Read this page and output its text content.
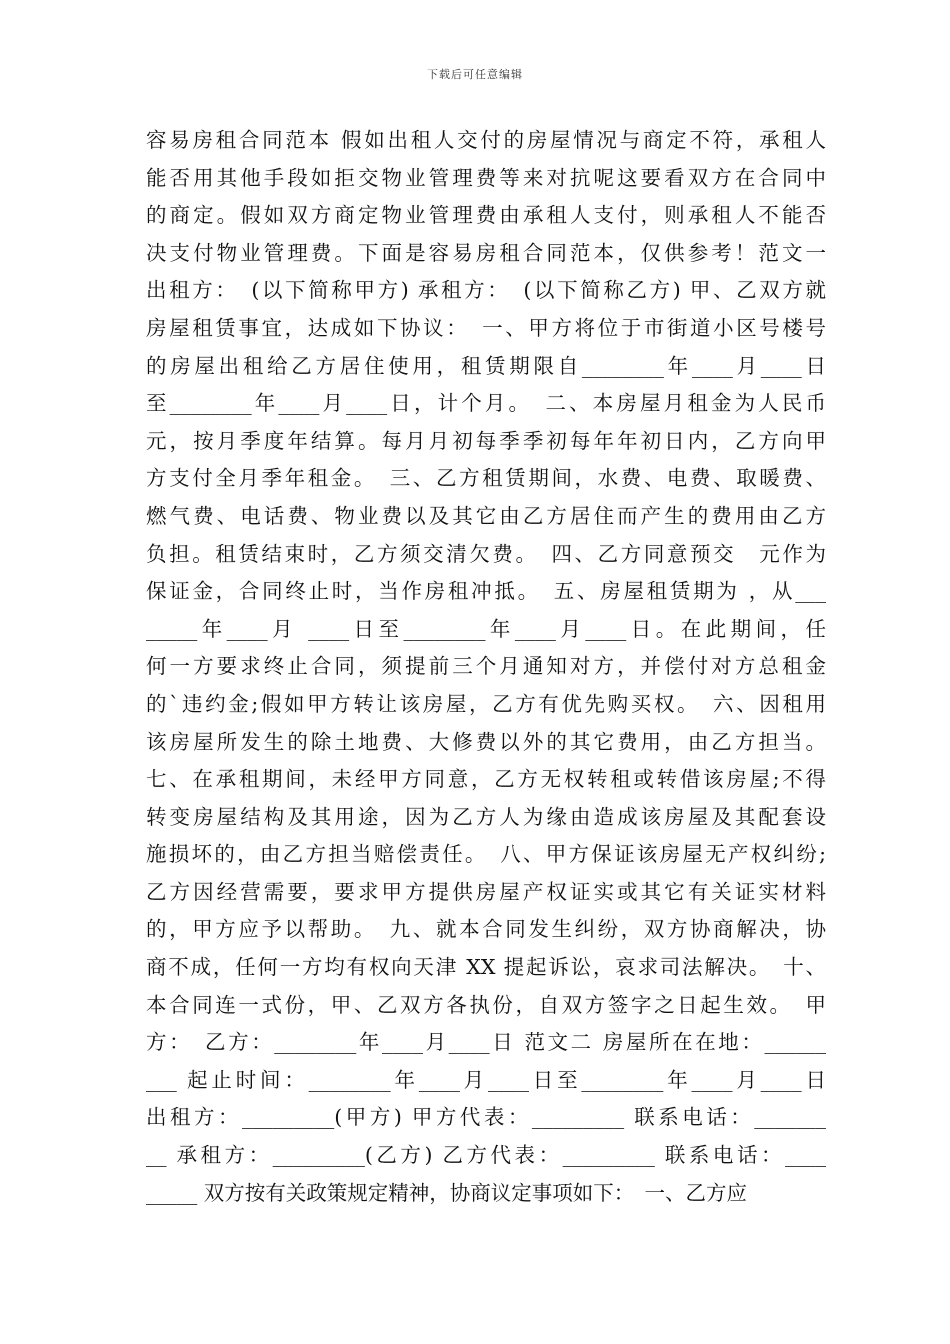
下载后可任意编辑
容易房租合同范本 假如出租人交付的房屋情况与商定不符，承租人
能否用其他手段如拒交物业管理费等来对抗呢这要看双方在合同中
的商定。假如双方商定物业管理费由承租人支付，则承租人不能否
决支付物业管理费。下面是容易房租合同范本，仅供参考！范文一
出租方：　(以下简称甲方) 承租方：　(以下简称乙方) 甲、乙双方就
房屋租赁事宜，达成如下协议：　一、甲方将位于市街道小区号楼号
的房屋出租给乙方居住使用，租赁期限自________年____月____日
至________年____月____日，计个月。　二、本房屋月租金为人民币
元，按月季度年结算。每月月初每季季初每年年初日内，乙方向甲
方支付全月季年租金。　三、乙方租赁期间，水费、电费、取暖费、
燃气费、电话费、物业费以及其它由乙方居住而产生的费用由乙方
负担。租赁结束时，乙方须交清欠费。　四、乙方同意预交　元作为
保证金，合同终止时，当作房租冲抵。　五、房屋租赁期为 ，从___
_____年____月 ____日至________年____月____日。在此期间，任
何一方要求终止合同，须提前三个月通知对方，并偿付对方总租金
的`违约金;假如甲方转让该房屋，乙方有优先购买权。　六、因租用
该房屋所发生的除土地费、大修费以外的其它费用，由乙方担当。
七、在承租期间，未经甲方同意，乙方无权转租或转借该房屋;不得
转变房屋结构及其用途，因为乙方人为缘由造成该房屋及其配套设
施损坏的，由乙方担当赔偿责任。　八、甲方保证该房屋无产权纠纷;
乙方因经营需要，要求甲方提供房屋产权证实或其它有关证实材料
的，甲方应予以帮助。　九、就本合同发生纠纷，双方协商解决，协
商不成，任何一方均有权向天津 XX 提起诉讼，哀求司法解决。　十、
本合同连一式份，甲、乙双方各执份，自双方签字之日起生效。　甲
方：　乙方：________年____月____日 范文二 房屋所在在地：______
___ 起止时间：________年____月____日至________年____月____日
出租方：_________(甲方) 甲方代表：_________ 联系电话：_______
__ 承租方：_________(乙方) 乙方代表：_________ 联系电话：____
_____ 双方按有关政策规定精神，协商议定事项如下：　一、乙方应
